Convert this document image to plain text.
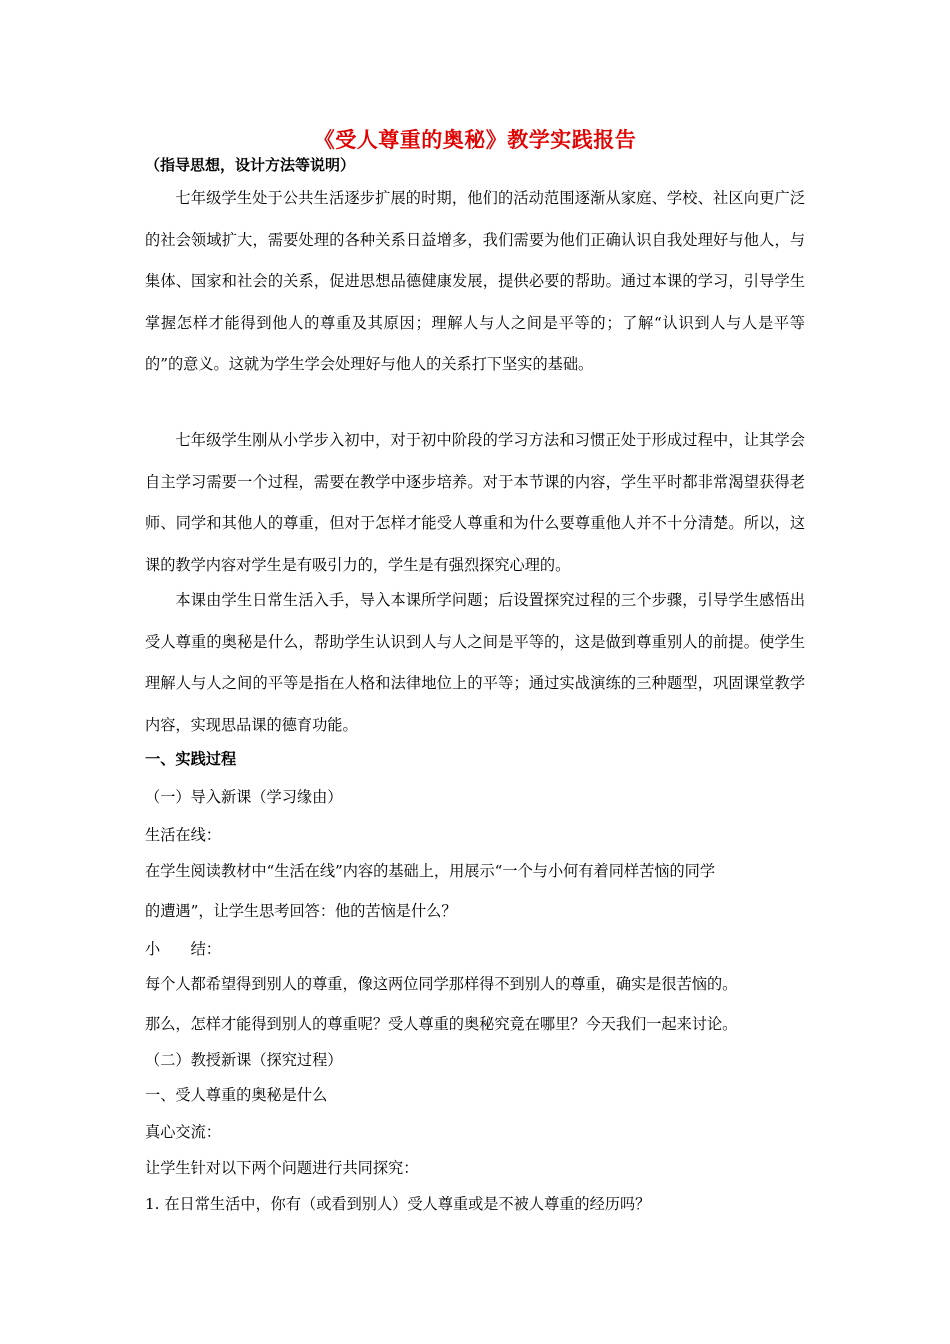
《受人尊重的奥秘》教学实践报告
（指导思想，设计方法等说明）
七年级学生处于公共生活逐步扩展的时期，他们的活动范围逐渐从家庭、学校、社区向更广泛的社会领域扩大，需要处理的各种关系日益增多，我们需要为他们正确认识自我处理好与他人，与集体、国家和社会的关系，促进思想品德健康发展，提供必要的帮助。通过本课的学习，引导学生掌握怎样才能得到他人的尊重及其原因；理解人与人之间是平等的；了解“认识到人与人是平等的”的意义。这就为学生学会处理好与他人的关系打下坚实的基础。
七年级学生刚从小学步入初中，对于初中阶段的学习方法和习惯正处于形成过程中，让其学会自主学习需要一个过程，需要在教学中逐步培养。对于本节课的内容，学生平时都非常渴望获得老师、同学和其他人的尊重，但对于怎样才能受人尊重和为什么要尊重他人并不十分清楚。所以，这课的教学内容对学生是有吸引力的，学生是有强烈探究心理的。
本课由学生日常生活入手，导入本课所学问题；后设置探究过程的三个步骤，引导学生感悟出受人尊重的奥秘是什么，帮助学生认识到人与人之间是平等的，这是做到尊重别人的前提。使学生理解人与人之间的平等是指在人格和法律地位上的平等；通过实战演练的三种题型，巩固课堂教学内容，实现思品课的德育功能。
一、实践过程
（一）导入新课（学习缘由）
生活在线：
在学生阅读教材中“生活在线”内容的基础上，用展示“一个与小何有着同样苦恼的同学
的遭遇”，让学生思考回答：他的苦恼是什么？
小　　结：
每个人都希望得到别人的尊重，像这两位同学那样得不到别人的尊重，确实是很苦恼的。
那么，怎样才能得到别人的尊重呢？受人尊重的奥秘究竟在哪里？今天我们一起来讨论。
（二）教授新课（探究过程）
一、受人尊重的奥秘是什么
真心交流：
让学生针对以下两个问题进行共同探究：
1. 在日常生活中，你有（或看到别人）受人尊重或是不被人尊重的经历吗？
